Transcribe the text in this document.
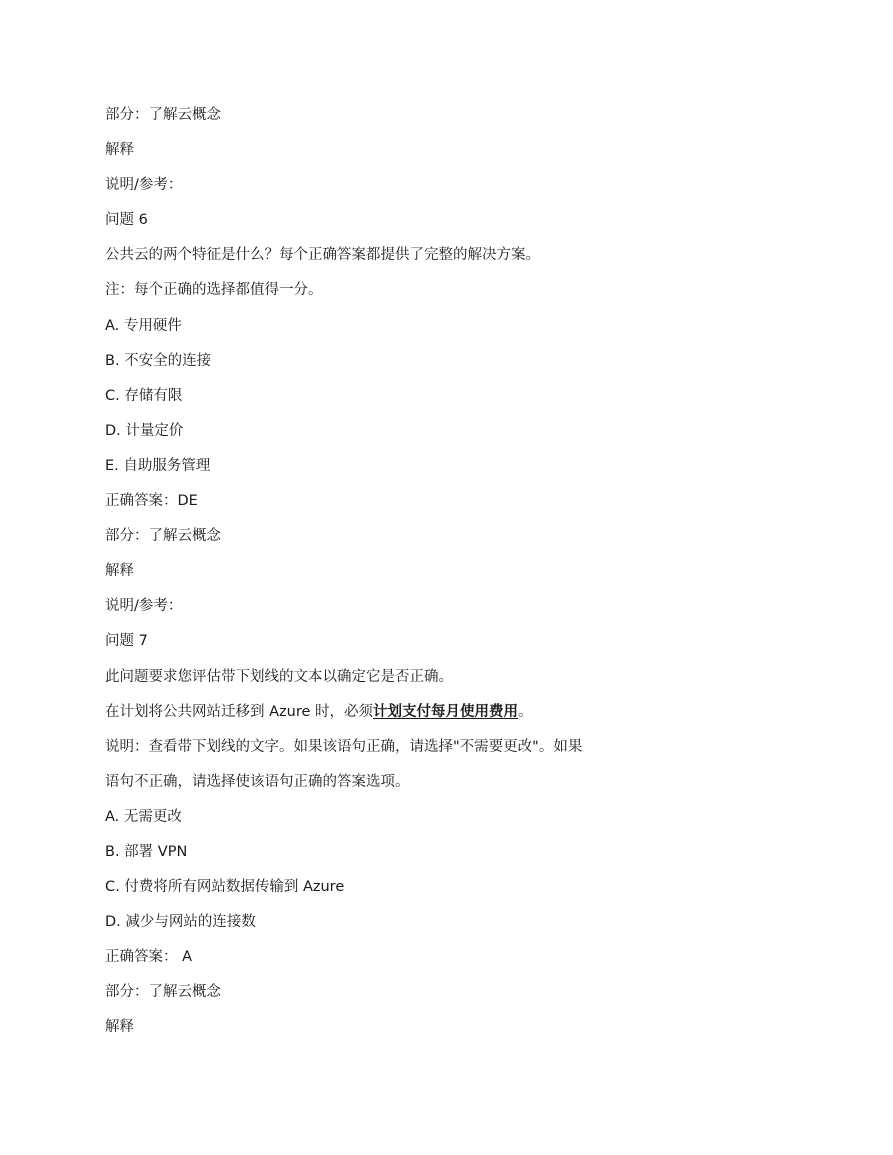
部分：了解云概念
解释
说明/参考：
问题 6
公共云的两个特征是什么？每个正确答案都提供了完整的解决方案。
注：每个正确的选择都值得一分。
A. 专用硬件
B. 不安全的连接
C. 存储有限
D. 计量定价
E. 自助服务管理
正确答案：DE
部分：了解云概念
解释
说明/参考：
问题 7
此问题要求您评估带下划线的文本以确定它是否正确。
在计划将公共网站迁移到 Azure 时，必须计划支付每月使用费用。
说明：查看带下划线的文字。如果该语句正确，请选择"不需要更改"。如果
语句不正确，请选择使该语句正确的答案选项。
A. 无需更改
B. 部署 VPN
C. 付费将所有网站数据传输到 Azure
D. 减少与网站的连接数
正确答案： A
部分：了解云概念
解释
